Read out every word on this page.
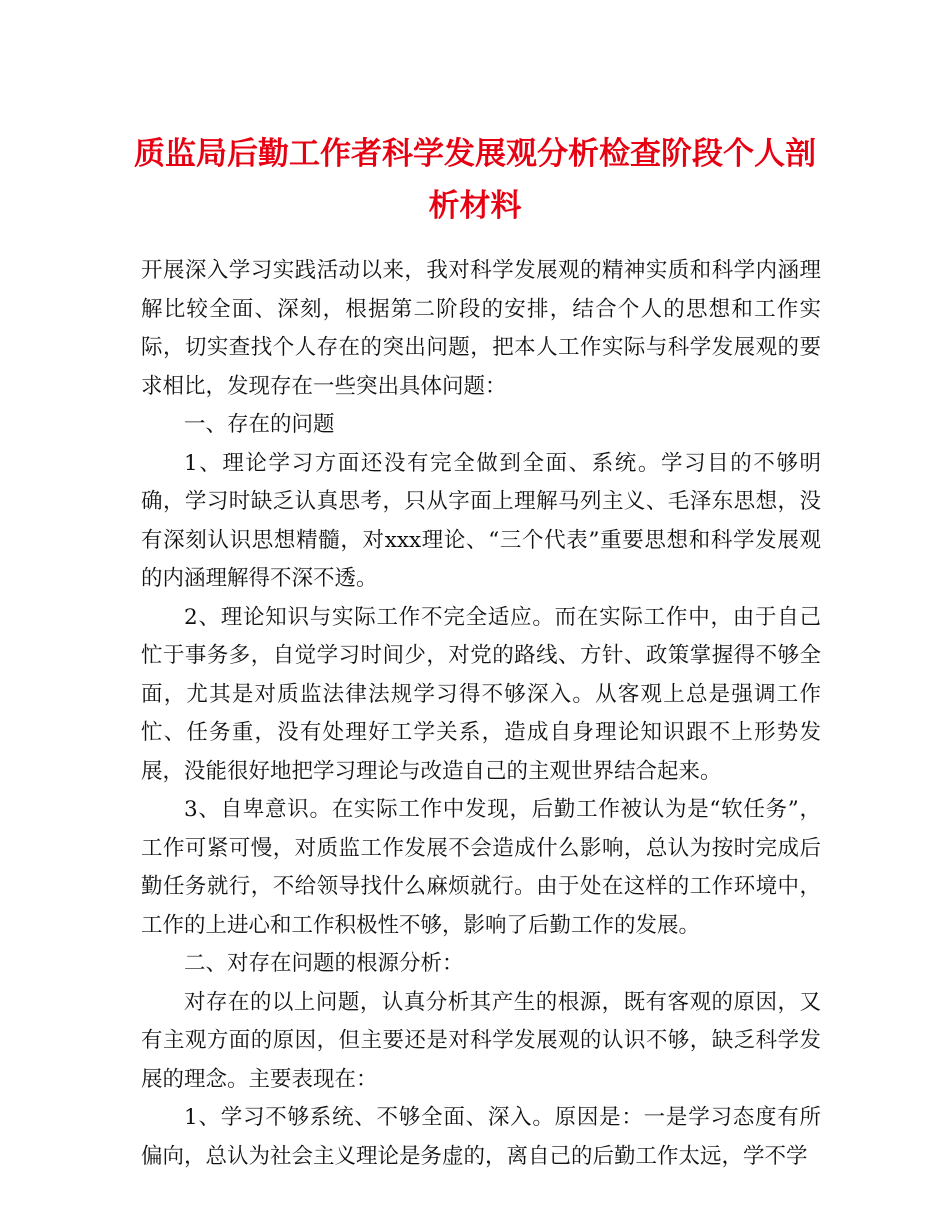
质监局后勤工作者科学发展观分析检查阶段个人剖析材料

开展深入学习实践活动以来，我对科学发展观的精神实质和科学内涵理解比较全面、深刻，根据第二阶段的安排，结合个人的思想和工作实际，切实查找个人存在的突出问题，把本人工作实际与科学发展观的要求相比，发现存在一些突出具体问题：

一、存在的问题

1、理论学习方面还没有完全做到全面、系统。学习目的不够明确，学习时缺乏认真思考，只从字面上理解马列主义、毛泽东思想，没有深刻认识思想精髓，对xxx理论、“三个代表”重要思想和科学发展观的内涵理解得不深不透。

2、理论知识与实际工作不完全适应。而在实际工作中，由于自己忙于事务多，自觉学习时间少，对党的路线、方针、政策掌握得不够全面，尤其是对质监法律法规学习得不够深入。从客观上总是强调工作忙、任务重，没有处理好工学关系，造成自身理论知识跟不上形势发展，没能很好地把学习理论与改造自己的主观世界结合起来。

3、自卑意识。在实际工作中发现，后勤工作被认为是“软任务”，工作可紧可慢，对质监工作发展不会造成什么影响，总认为按时完成后勤任务就行，不给领导找什么麻烦就行。由于处在这样的工作环境中，工作的上进心和工作积极性不够，影响了后勤工作的发展。

二、对存在问题的根源分析：

对存在的以上问题，认真分析其产生的根源，既有客观的原因，又有主观方面的原因，但主要还是对科学发展观的认识不够，缺乏科学发展的理念。主要表现在：

1、学习不够系统、不够全面、深入。原因是：一是学习态度有所偏向，总认为社会主义理论是务虚的，离自己的后勤工作太远，学不学
